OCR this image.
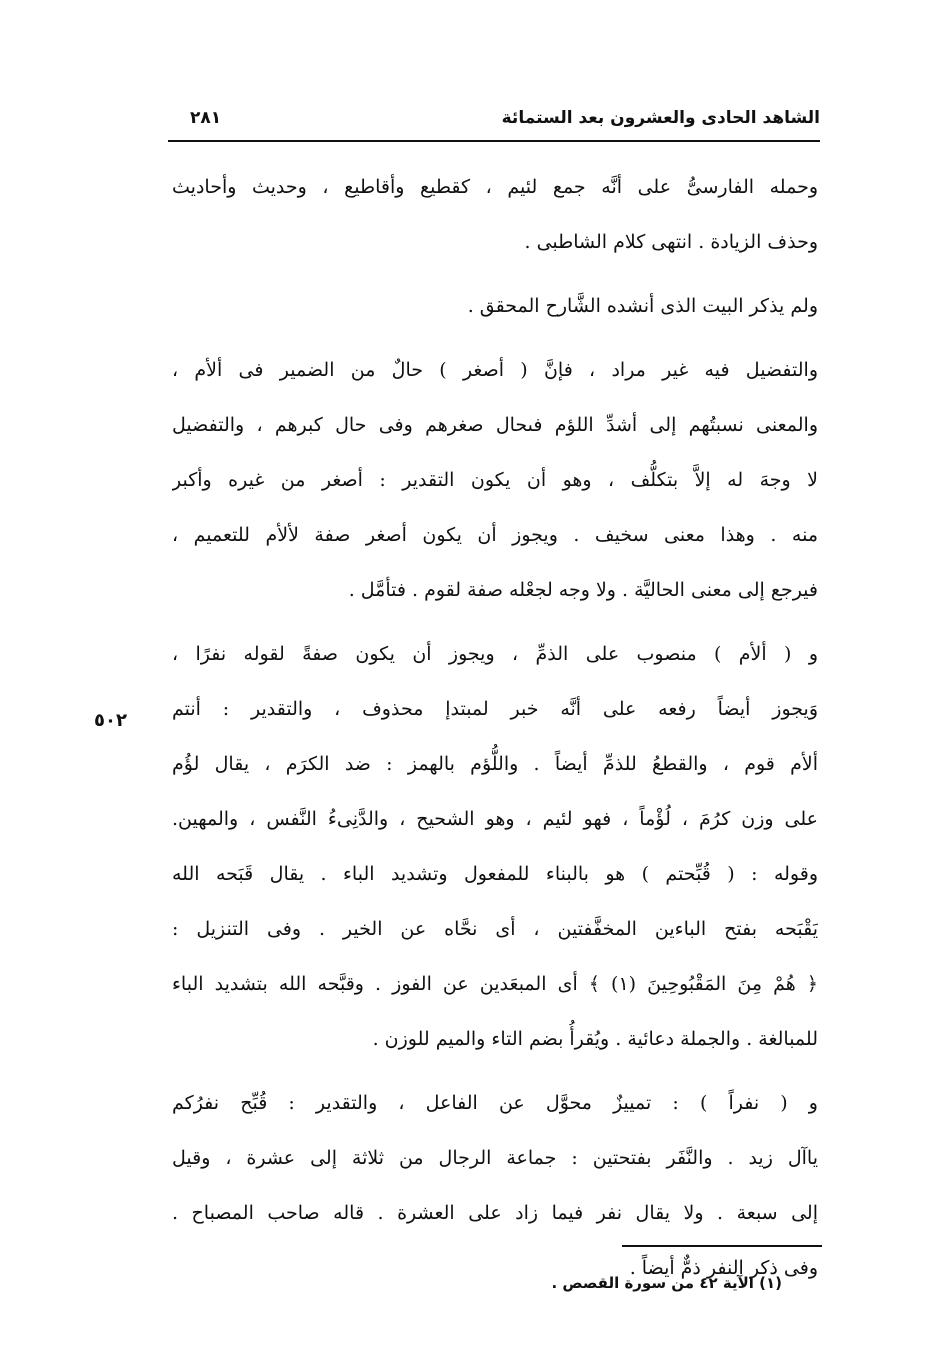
الشاهد الحادى والعشرون بعد الستمائة
٢٨١

وحمله الفارسىُّ على أنَّه جمع لئيم ، كقطيع وأقاطيع ، وحديث وأحاديث
وحذف الزيادة . انتهى كلام الشاطبى .

ولم يذكر البيت الذى أنشده الشَّارح المحقق .

والتفضيل فيه غير مراد ، فإنَّ ( أصغر ) حالٌ من الضمير فى ألأم ،
والمعنى نسبتُهم إلى أشدِّ اللؤم فىحال صغرهم وفى حال كبرهم ، والتفضيل
لا وجهَ له إلاَّ بتكلُّف ، وهو أن يكون التقدير : أصغر من غيره وأكبر
منه . وهذا معنى سخيف . ويجوز أن يكون أصغر صفة لألأم للتعميم ،
فيرجع إلى معنى الحاليَّة . ولا وجه لجعْله صفة لقوم . فتأمَّل .

و ( ألأم ) منصوب على الذمِّ ، ويجوز أن يكون صفةً لقوله نفرًا ،
وَيجوز أيضاً رفعه على أنَّه خبر لمبتدإ محذوف ، والتقدير : أنتم
ألأم قوم ، والقطعُ للذمِّ أيضاً . واللُّؤم بالهمز : ضد الكرَم ، يقال لؤُم
على وزن كرُمَ ، لُؤْماً ، فهو لئيم ، وهو الشحيح ، والدَّنِىءُ النَّفس ، والمهين.

وقوله : ( قُبِّحتم ) هو بالبناء للمفعول وتشديد الباء . يقال قَبَحه الله
يَقْبَحه بفتح الباءين المخفَّفتين ، أى نحَّاه عن الخير . وفى التنزيل :
﴿ هُمْ مِنَ المَقْبُوحِينَ (١) ﴾ أى المبعَدين عن الفوز . وقبَّحه الله بتشديد الباء
للمبالغة . والجملة دعائية . ويُقرأُ بضم التاء والميم للوزن .

و ( نفراً ) : تمييزٌ محوَّل عن الفاعل ، والتقدير : قُبِّح نفرُكم
ياآل زيد . والنَّفَر بفتحتين : جماعة الرجال من ثلاثة إلى عشرة ، وقيل
إلى سبعة . ولا يقال نفر فيما زاد على العشرة . قاله صاحب المصباح .
وفى ذكر النفر ذمٌّ أيضاً .

٥٠٢
(١) الآية ٤٢ من سورة القصص .
